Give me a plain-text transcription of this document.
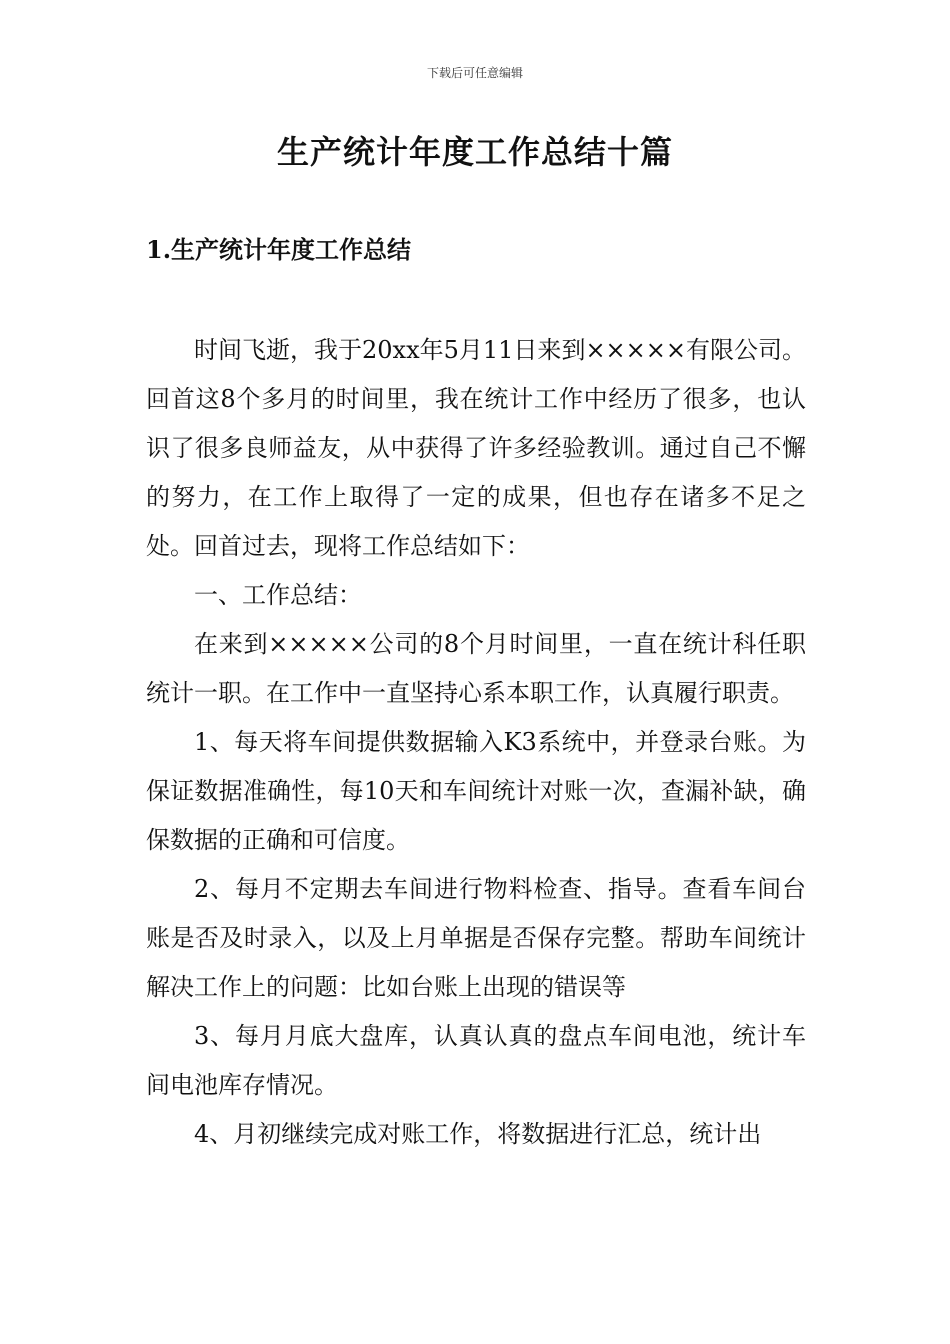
下载后可任意编辑
生产统计年度工作总结十篇
1.生产统计年度工作总结

时间飞逝，我于20xx年5月11日来到×××××有限公司。回首这8个多月的时间里，我在统计工作中经历了很多，也认识了很多良师益友，从中获得了许多经验教训。通过自己不懈的努力，在工作上取得了一定的成果，但也存在诸多不足之处。回首过去，现将工作总结如下：

一、工作总结：

在来到×××××公司的8个月时间里，一直在统计科任职统计一职。在工作中一直坚持心系本职工作，认真履行职责。

1、每天将车间提供数据输入K3系统中，并登录台账。为保证数据准确性，每10天和车间统计对账一次，查漏补缺，确保数据的正确和可信度。

2、每月不定期去车间进行物料检查、指导。查看车间台账是否及时录入，以及上月单据是否保存完整。帮助车间统计解决工作上的问题：比如台账上出现的错误等

3、每月月底大盘库，认真认真的盘点车间电池，统计车间电池库存情况。

4、月初继续完成对账工作，将数据进行汇总，统计出
